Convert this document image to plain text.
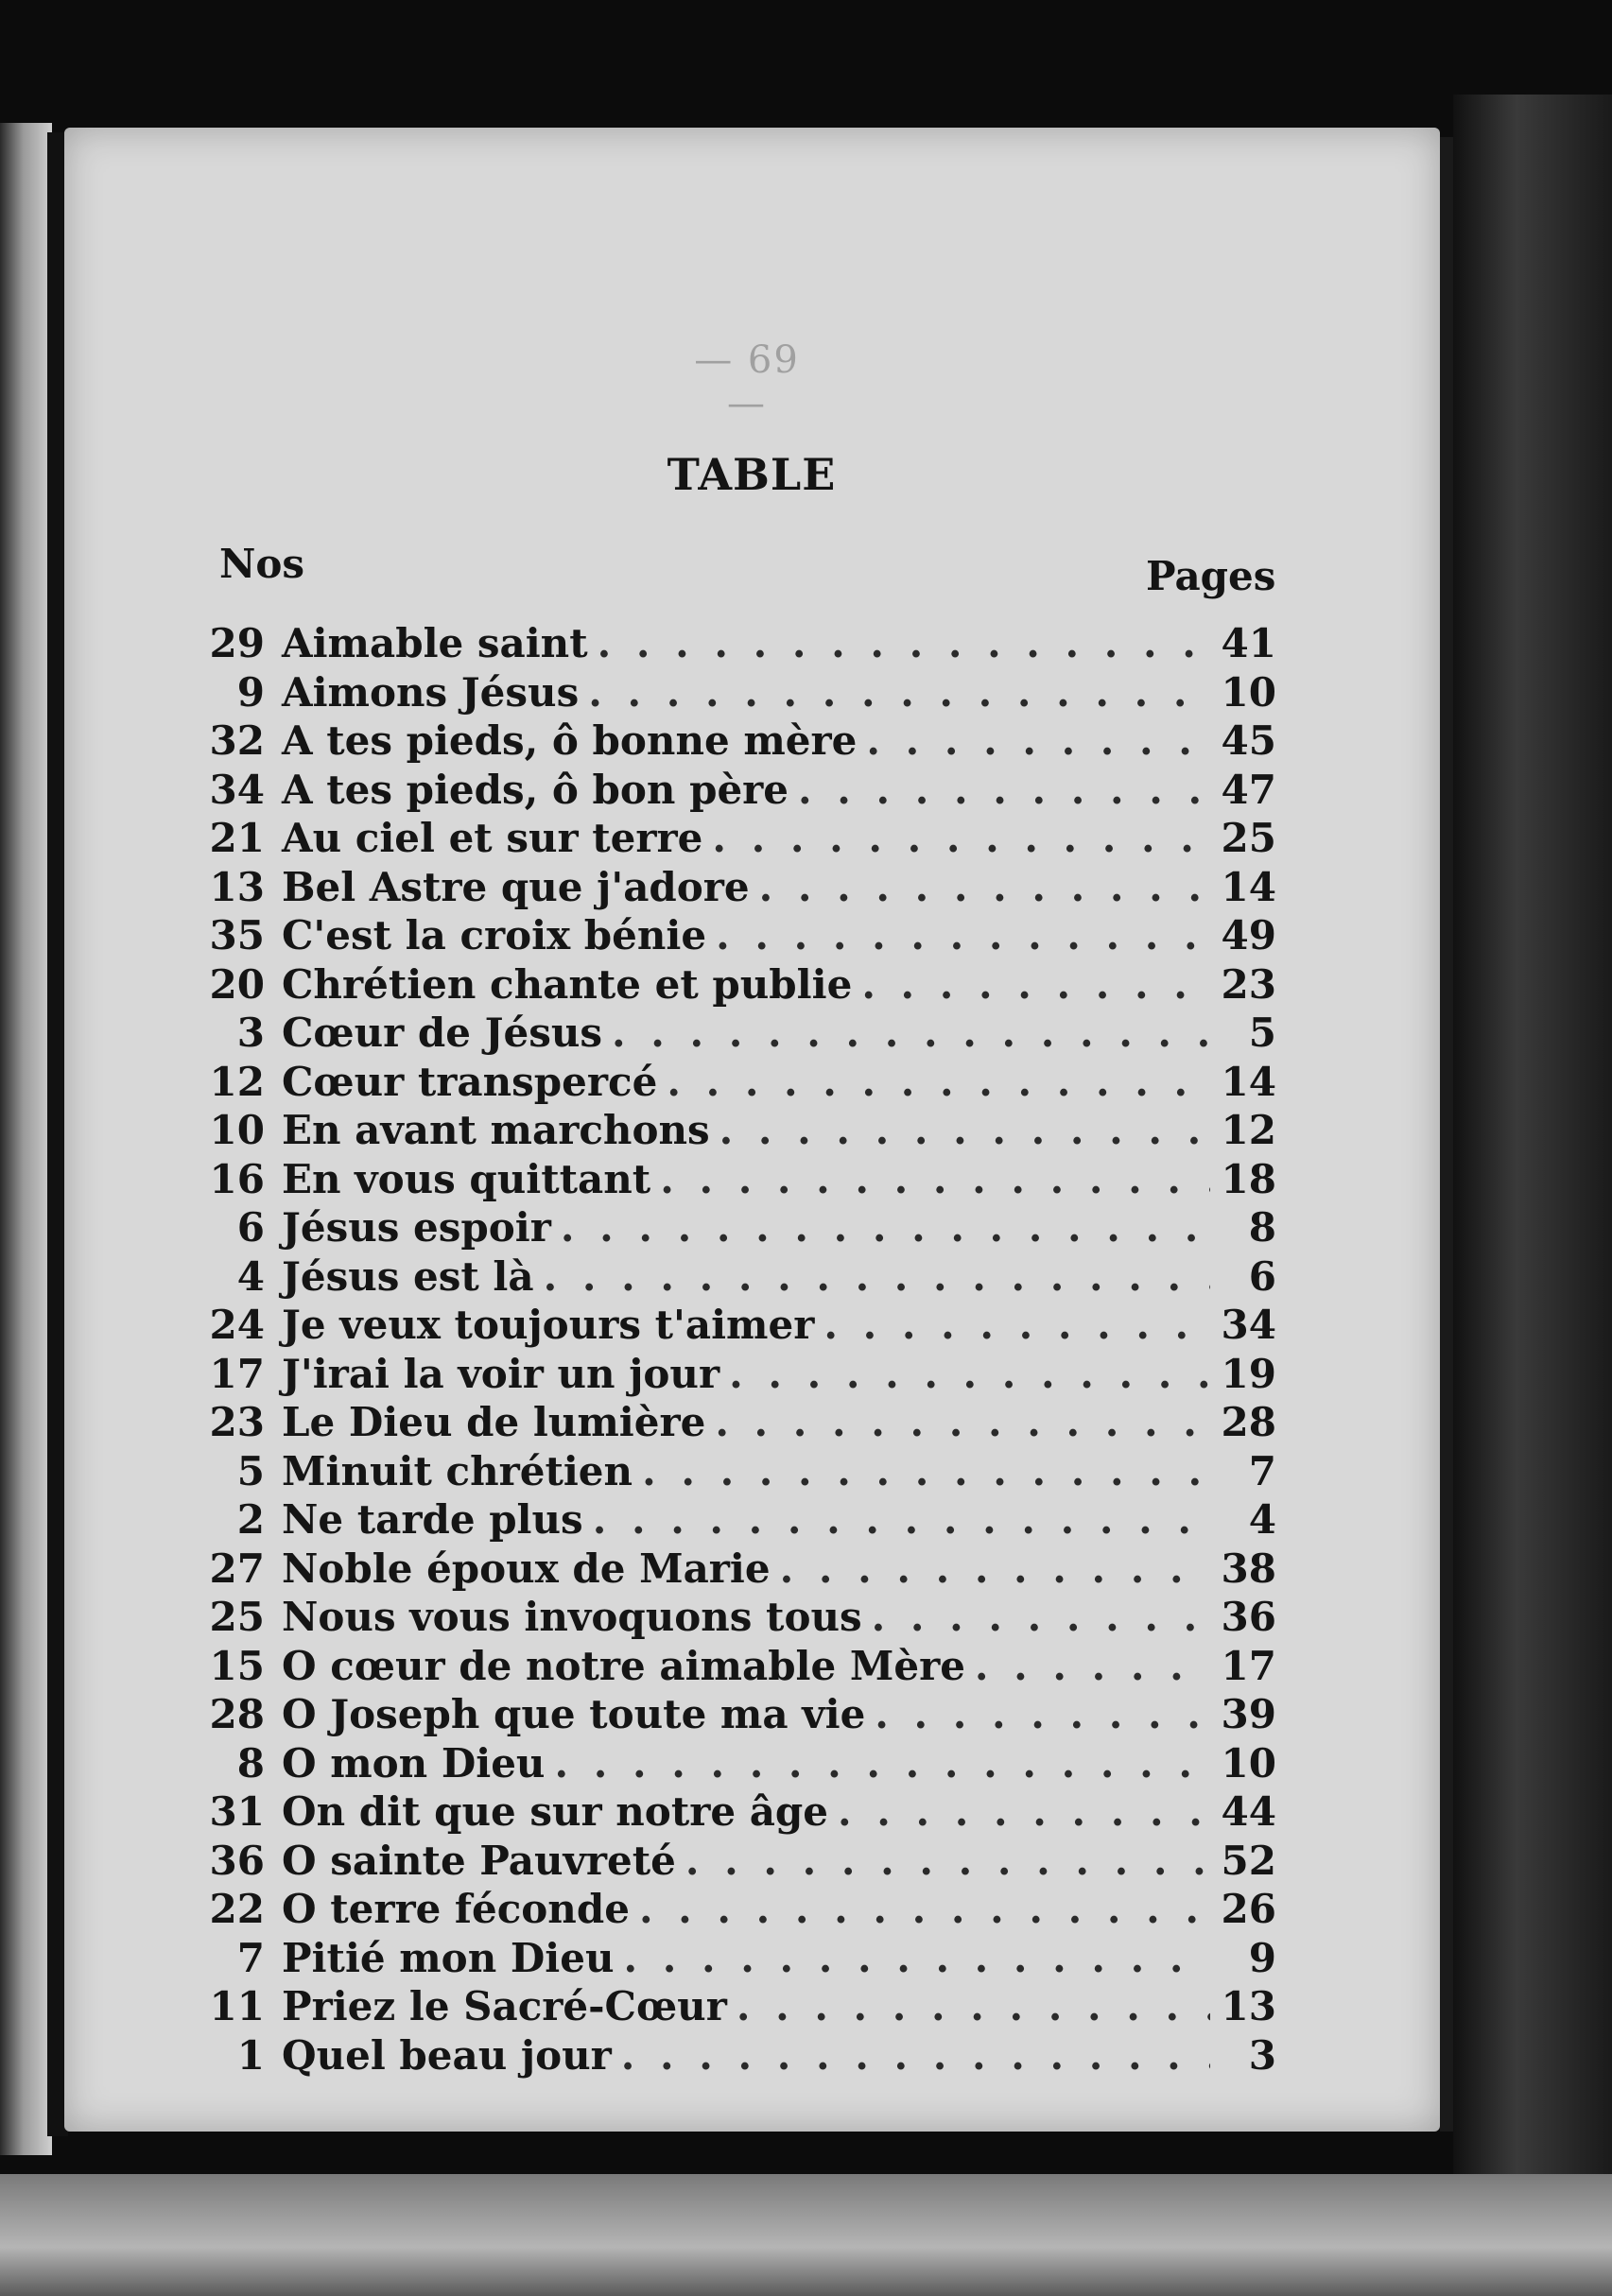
— 69 —
TABLE
Nos	Pages
29 Aimable saint . . .	41
9 Aimons Jésus . . .	10
32 A tes pieds, ô bonne mère . . .	45
34 A tes pieds, ô bon père . . .	47
21 Au ciel et sur terre . . .	25
13 Bel Astre que j'adore . . .	14
35 C'est la croix bénie . . .	49
20 Chrétien chante et publie . . .	23
3 Cœur de Jésus . . .	5
12 Cœur transpercé . . .	14
10 En avant marchons . . .	12
16 En vous quittant . . .	18
6 Jésus espoir . . .	8
4 Jésus est là . . .	6
24 Je veux toujours t'aimer . . .	34
17 J'irai la voir un jour . . .	19
23 Le Dieu de lumière . . .	28
5 Minuit chrétien . . .	7
2 Ne tarde plus . . .	4
27 Noble époux de Marie . . .	38
25 Nous vous invoquons tous . . .	36
15 O cœur de notre aimable Mère . . .	17
28 O Joseph que toute ma vie . . .	39
8 O mon Dieu . . .	10
31 On dit que sur notre âge . . .	44
36 O sainte Pauvreté . . .	52
22 O terre féconde . . .	26
7 Pitié mon Dieu . . .	9
11 Priez le Sacré-Cœur . . .	13
1 Quel beau jour . . .	3
